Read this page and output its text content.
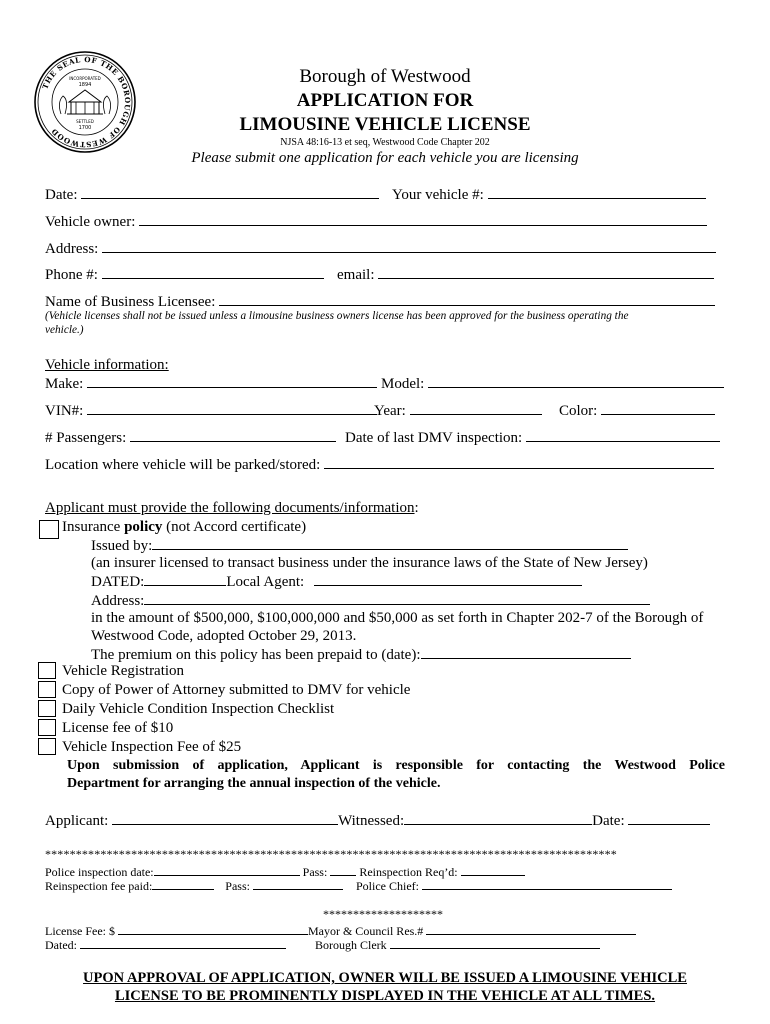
THE SEAL OF THE BOROUGH OF WESTWOOD
INCORPORATED
1894
SETTLED
1700
Borough of Westwood
APPLICATION FOR
LIMOUSINE VEHICLE LICENSE
NJSA 48:16-13 et seq, Westwood Code Chapter 202
Please submit one application for each vehicle you are licensing
Date:	Your vehicle #:
Vehicle owner:
Address:
Phone #:	email:
Name of Business Licensee:
(Vehicle licenses shall not be issued unless a limousine business owners license has been approved for the business operating the
vehicle.)
Vehicle information:
Make:	Model:
VIN#:	Year:	Color:
# Passengers:	Date of last DMV inspection:
Location where vehicle will be parked/stored:
Applicant must provide the following documents/information:
Insurance policy (not Accord certificate)
Issued by:
(an insurer licensed to transact business under the insurance laws of the State of New Jersey)
DATED:	Local Agent:
Address:
in the amount of $500,000, $100,000,000 and $50,000 as set forth in Chapter 202-7 of the Borough of
Westwood Code, adopted October 29, 2013.
The premium on this policy has been prepaid to (date):
Vehicle Registration
Copy of Power of Attorney submitted to DMV for vehicle
Daily Vehicle Condition Inspection Checklist
License fee of $10
Vehicle Inspection Fee of $25
Upon submission of application, Applicant is responsible for contacting the Westwood Police
Department for arranging the annual inspection of the vehicle.
Applicant:	Witnessed:	Date:
*********************************************************************************************
Police inspection date:	Pass:	Reinspection Req’d:
Reinspection fee paid:	Pass:	Police Chief:
********************
License Fee: $	Mayor & Council Res.#
Dated:	Borough Clerk
UPON APPROVAL OF APPLICATION, OWNER WILL BE ISSUED A LIMOUSINE VEHICLE
LICENSE TO BE PROMINENTLY DISPLAYED IN THE VEHICLE AT ALL TIMES.
